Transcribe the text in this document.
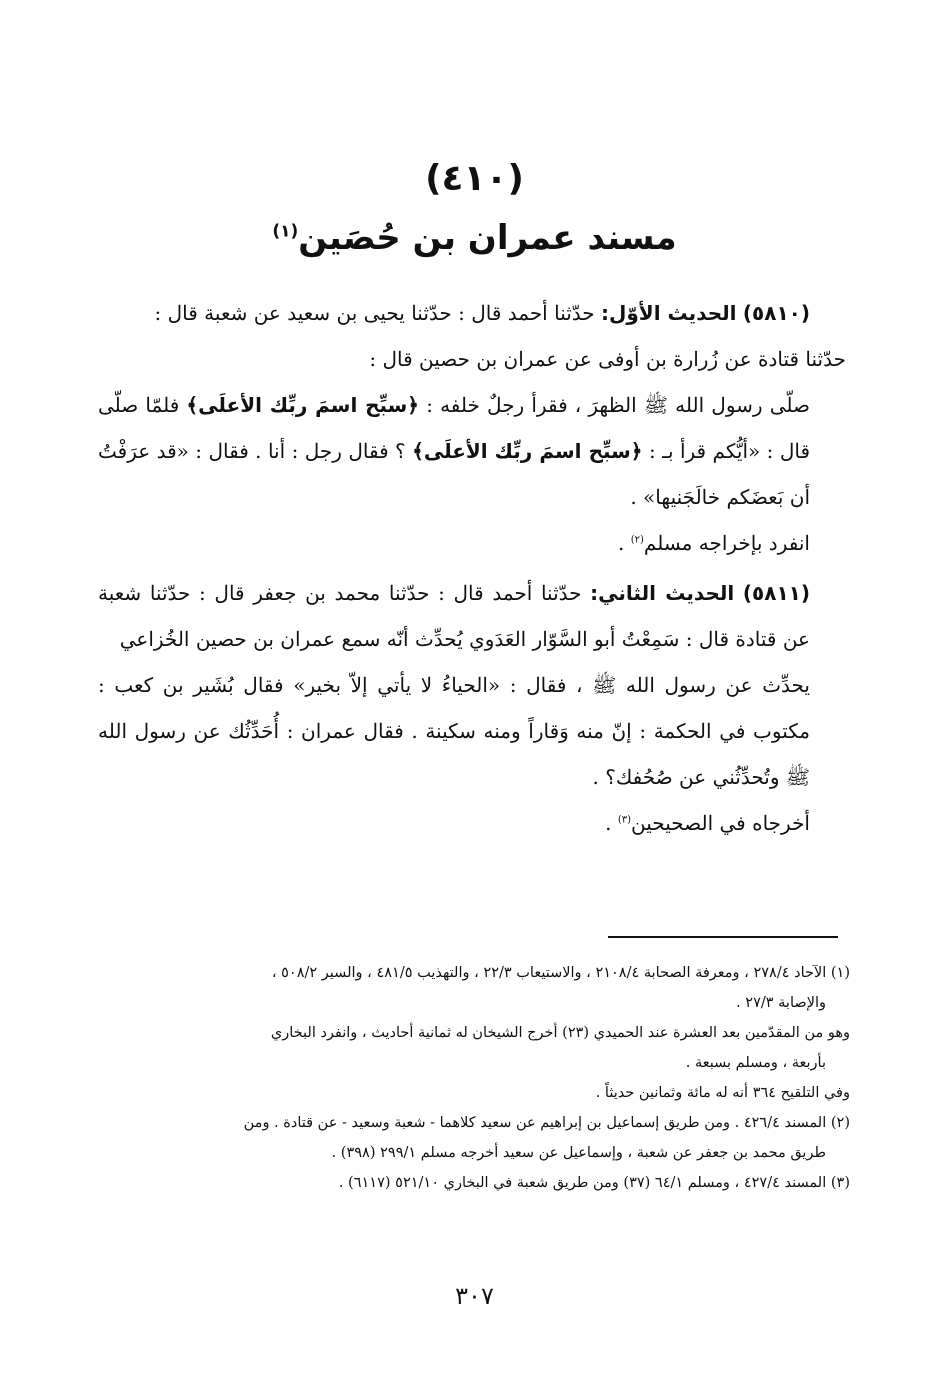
(٤١٠)
مسند عمران بن حُصَين$^{(١)}$
(٥٨١٠) الحديث الأوّل: حدّثنا أحمد قال : حدّثنا يحيى بن سعيد عن شعبة قال :
حدّثنا قتادة عن زُرارة بن أوفى عن عمران بن حصين قال :
صلّى رسول الله ﷺ الظهرَ ، فقرأ رجلٌ خلفه : ﴿سبِّح اسمَ ربِّك الأعلَى﴾ فلمّا صلّى قال : «أيُّكم قرأ بـ : ﴿سبِّح اسمَ ربِّك الأعلَى﴾ ؟ فقال رجل : أنا . فقال : «قد عرَفْتُ أن بَعضَكم خالَجَنيها» .
انفرد بإخراجه مسلم$^{(٢)}$ .
(٥٨١١) الحديث الثاني: حدّثنا أحمد قال : حدّثنا محمد بن جعفر قال : حدّثنا شعبة عن قتادة قال : سَمِعْتُ أبو السَّوّار العَدَوي يُحدِّث أنّه سمع عمران بن حصين الخُزاعي
يحدِّث عن رسول الله ﷺ ، فقال : «الحياءُ لا يأتي إلاّ بخير» فقال بُشَير بن كعب : مكتوب في الحكمة : إنّ منه وَقاراً ومنه سكينة . فقال عمران : أُحَدِّثُك عن رسول الله ﷺ وتُحدِّثُني عن صُحُفك؟ .
أخرجاه في الصحيحين$^{(٣)}$ .
(١) الآحاد ٢٧٨/٤ ، ومعرفة الصحابة ٢١٠٨/٤ ، والاستيعاب ٢٢/٣ ، والتهذيب ٤٨١/٥ ، والسير ٥٠٨/٢ ،
والإصابة ٢٧/٣ .
وهو من المقدّمين بعد العشرة عند الحميدي (٢٣) أخرج الشيخان له ثمانية أحاديث ، وانفرد البخاري
بأربعة ، ومسلم بسبعة .
وفي التلقيح ٣٦٤ أنه له مائة وثمانين حديثاً .
(٢) المسند ٤٢٦/٤ . ومن طريق إسماعيل بن إبراهيم عن سعيد كلاهما - شعبة وسعيد - عن قتادة . ومن
طريق محمد بن جعفر عن شعبة ، وإسماعيل عن سعيد أخرجه مسلم ٢٩٩/١ (٣٩٨) .
(٣) المسند ٤٢٧/٤ ، ومسلم ٦٤/١ (٣٧) ومن طريق شعبة في البخاري ٥٢١/١٠ (٦١١٧) .
٣٠٧
